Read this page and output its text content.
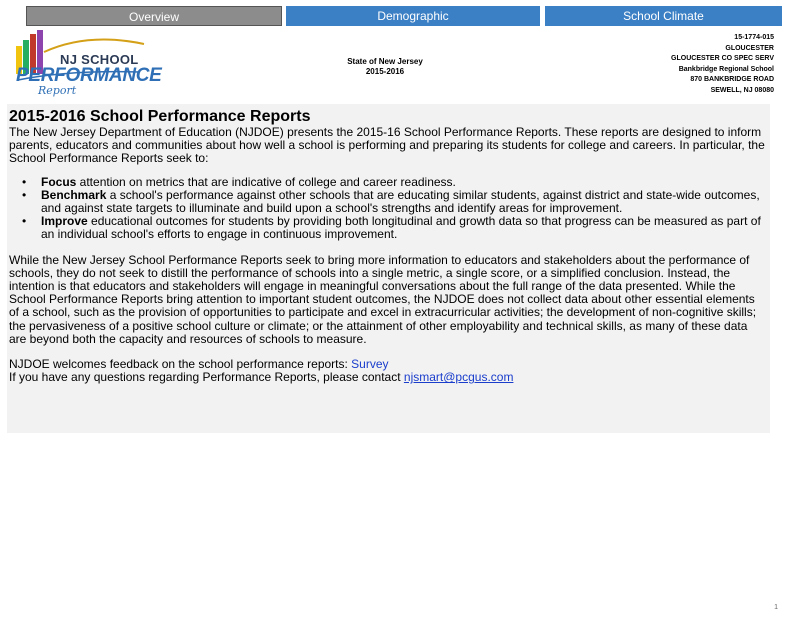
Overview	Demographic	School Climate
NJ SCHOOL
PERFORMANCE
Report
State of New Jersey
2015-2016
15-1774-015
GLOUCESTER
GLOUCESTER CO SPEC SERV
Bankbridge Regional School
870 BANKBRIDGE ROAD
SEWELL, NJ 08080
2015-2016 School Performance Reports

The New Jersey Department of Education (NJDOE) presents the 2015-16 School Performance Reports. These reports are designed to inform parents, educators and communities about how well a school is performing and preparing its students for college and careers. In particular, the School Performance Reports seek to:

• Focus attention on metrics that are indicative of college and career readiness.
• Benchmark a school's performance against other schools that are educating similar students, against district and state-wide outcomes, and against state targets to illuminate and build upon a school's strengths and identify areas for improvement.
• Improve educational outcomes for students by providing both longitudinal and growth data so that progress can be measured as part of an individual school's efforts to engage in continuous improvement.

While the New Jersey School Performance Reports seek to bring more information to educators and stakeholders about the performance of schools, they do not seek to distill the performance of schools into a single metric, a single score, or a simplified conclusion. Instead, the intention is that educators and stakeholders will engage in meaningful conversations about the full range of the data presented. While the School Performance Reports bring attention to important student outcomes, the NJDOE does not collect data about other essential elements of a school, such as the provision of opportunities to participate and excel in extracurricular activities; the development of non-cognitive skills; the pervasiveness of a positive school culture or climate; or the attainment of other employability and technical skills, as many of these data are beyond both the capacity and resources of schools to measure.

NJDOE welcomes feedback on the school performance reports: Survey

If you have any questions regarding Performance Reports, please contact njsmart@pcgus.com

1
